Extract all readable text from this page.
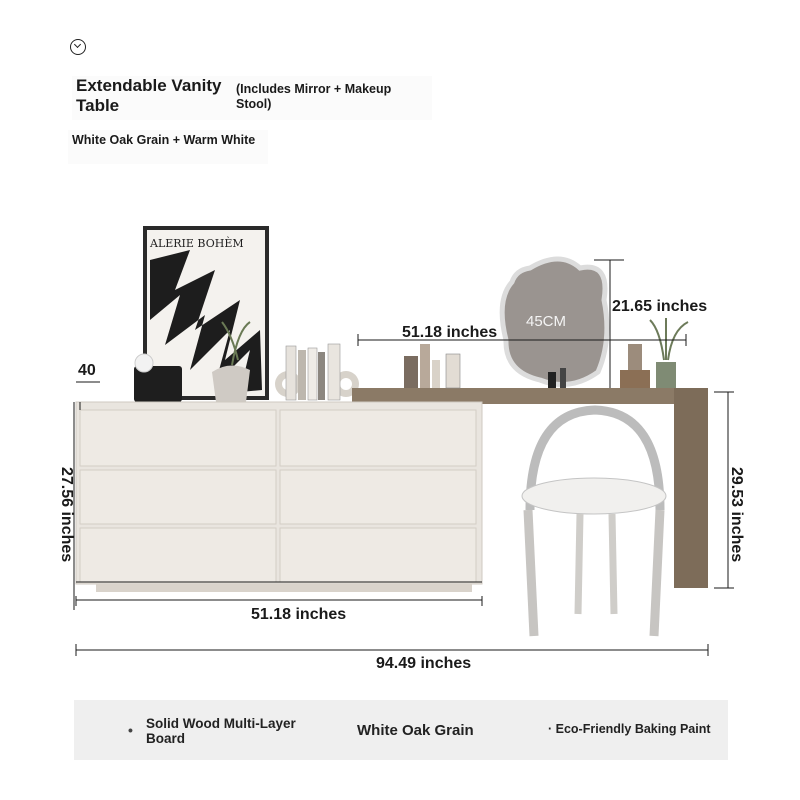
Extendable Vanity Table
(Includes Mirror + Makeup Stool)
White Oak Grain + Warm White
ALERIE BOHÈM
45CM
40
21.65 inches
51.18 inches
27.56 inches	29.53 inches
51.18 inches
94.49 inches
• Solid Wood Multi-Layer Board	White Oak Grain	· Eco-Friendly Baking Paint
